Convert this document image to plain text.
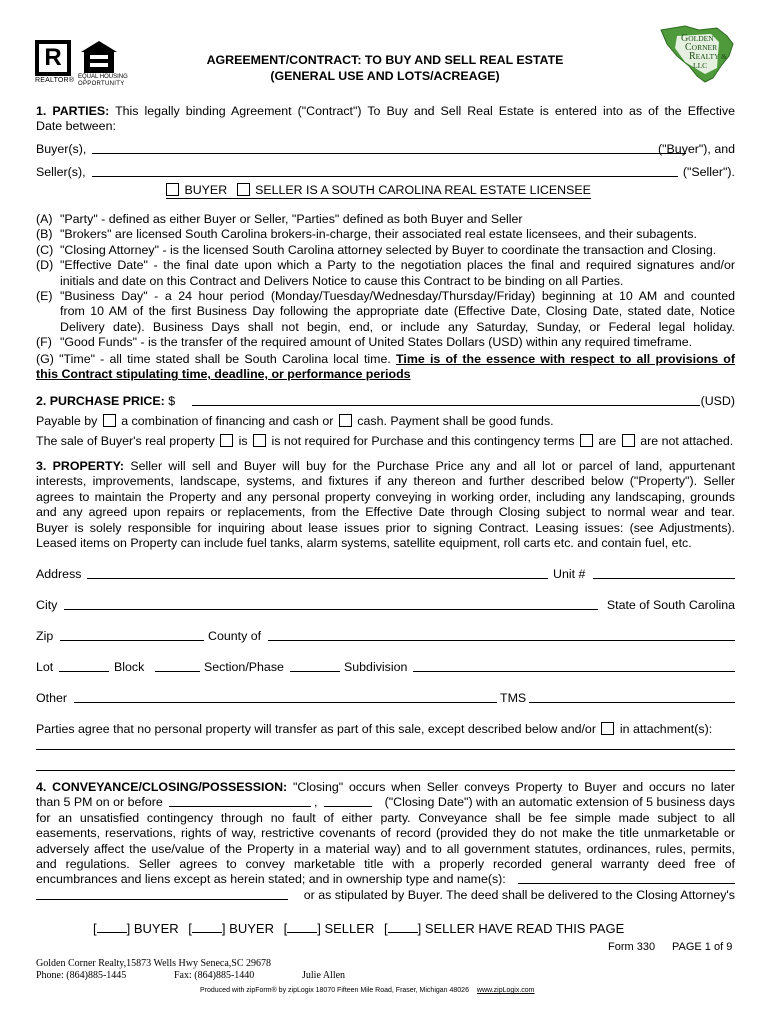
R
REALTOR® EQUAL HOUSING
OPPORTUNITY
GOLDEN
CORNER
REALTY &
LLC
AGREEMENT/CONTRACT: TO BUY AND SELL REAL ESTATE
(GENERAL USE AND LOTS/ACREAGE)
1. PARTIES: This legally binding Agreement ("Contract") To Buy and Sell Real Estate is entered into as of the Effective
Date between:
Buyer(s),	("Buyer"), and
Seller(s),	("Seller").
BUYER SELLER IS A SOUTH CAROLINA REAL ESTATE LICENSEE
(A) "Party" - defined as either Buyer or Seller, "Parties" defined as both Buyer and Seller
(B) "Brokers" are licensed South Carolina brokers-in-charge, their associated real estate licensees, and their subagents.
(C) "Closing Attorney" - is the licensed South Carolina attorney selected by Buyer to coordinate the transaction and Closing.
(D) "Effective Date" - the final date upon which a Party to the negotiation places the final and required signatures and/or
initials and date on this Contract and Delivers Notice to cause this Contract to be binding on all Parties.
(E) "Business Day" - a 24 hour period (Monday/Tuesday/Wednesday/Thursday/Friday) beginning at 10 AM and counted
from 10 AM of the first Business Day following the appropriate date (Effective Date, Closing Date, stated date, Notice
Delivery date). Business Days shall not begin, end, or include any Saturday, Sunday, or Federal legal holiday.
(F) "Good Funds" - is the transfer of the required amount of United States Dollars (USD) within any required timeframe.
(G) "Time" - all time stated shall be South Carolina local time. Time is of the essence with respect to all provisions of
this Contract stipulating time, deadline, or performance periods
2. PURCHASE PRICE: $	(USD)
Payable by a combination of financing and cash or cash. Payment shall be good funds.
The sale of Buyer's real property is is not required for Purchase and this contingency terms are are not attached.
3. PROPERTY: Seller will sell and Buyer will buy for the Purchase Price any and all lot or parcel of land, appurtenant
interests, improvements, landscape, systems, and fixtures if any thereon and further described below ("Property"). Seller
agrees to maintain the Property and any personal property conveying in working order, including any landscaping, grounds
and any agreed upon repairs or replacements, from the Effective Date through Closing subject to normal wear and tear.
Buyer is solely responsible for inquiring about lease issues prior to signing Contract. Leasing issues: (see Adjustments).
Leased items on Property can include fuel tanks, alarm systems, satellite equipment, roll carts etc. and contain fuel, etc.
Address	Unit #
City	State of South Carolina
Zip	County of
Lot	Block	Section/Phase	Subdivision
Other	TMS
Parties agree that no personal property will transfer as part of this sale, except described below and/or in attachment(s):
4. CONVEYANCE/CLOSING/POSSESSION: "Closing" occurs when Seller conveys Property to Buyer and occurs no later
than 5 PM on or before	,	("Closing Date") with an automatic extension of 5 business days
for an unsatisfied contingency through no fault of either party. Conveyance shall be fee simple made subject to all
easements, reservations, rights of way, restrictive covenants of record (provided they do not make the title unmarketable or
adversely affect the use/value of the Property in a material way) and to all government statutes, ordinances, rules, permits,
and regulations. Seller agrees to convey marketable title with a properly recorded general warranty deed free of
encumbrances and liens except as herein stated; and in ownership type and name(s):
or as stipulated by Buyer. The deed shall be delivered to the Closing Attorney's
[ ] BUYER [ ] BUYER [ ] SELLER [ ] SELLER HAVE READ THIS PAGE
Form 330 PAGE 1 of 9
Golden Corner Realty,15873 Wells Hwy Seneca,SC 29678
Phone: (864)885-1445	Fax: (864)885-1440	Julie Allen
Produced with zipForm® by zipLogix 18070 Fifteen Mile Road, Fraser, Michigan 48026 www.zipLogix.com
